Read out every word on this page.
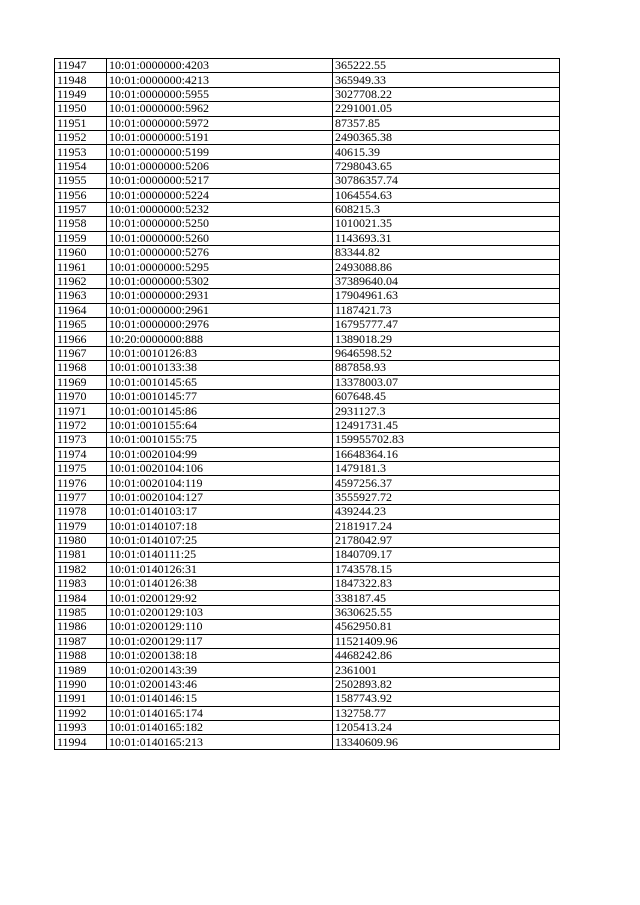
11947	10:01:0000000:4203	365222.55
11948	10:01:0000000:4213	365949.33
11949	10:01:0000000:5955	3027708.22
11950	10:01:0000000:5962	2291001.05
11951	10:01:0000000:5972	87357.85
11952	10:01:0000000:5191	2490365.38
11953	10:01:0000000:5199	40615.39
11954	10:01:0000000:5206	7298043.65
11955	10:01:0000000:5217	30786357.74
11956	10:01:0000000:5224	1064554.63
11957	10:01:0000000:5232	608215.3
11958	10:01:0000000:5250	1010021.35
11959	10:01:0000000:5260	1143693.31
11960	10:01:0000000:5276	83344.82
11961	10:01:0000000:5295	2493088.86
11962	10:01:0000000:5302	37389640.04
11963	10:01:0000000:2931	17904961.63
11964	10:01:0000000:2961	1187421.73
11965	10:01:0000000:2976	16795777.47
11966	10:20:0000000:888	1389018.29
11967	10:01:0010126:83	9646598.52
11968	10:01:0010133:38	887858.93
11969	10:01:0010145:65	13378003.07
11970	10:01:0010145:77	607648.45
11971	10:01:0010145:86	2931127.3
11972	10:01:0010155:64	12491731.45
11973	10:01:0010155:75	159955702.83
11974	10:01:0020104:99	16648364.16
11975	10:01:0020104:106	1479181.3
11976	10:01:0020104:119	4597256.37
11977	10:01:0020104:127	3555927.72
11978	10:01:0140103:17	439244.23
11979	10:01:0140107:18	2181917.24
11980	10:01:0140107:25	2178042.97
11981	10:01:0140111:25	1840709.17
11982	10:01:0140126:31	1743578.15
11983	10:01:0140126:38	1847322.83
11984	10:01:0200129:92	338187.45
11985	10:01:0200129:103	3630625.55
11986	10:01:0200129:110	4562950.81
11987	10:01:0200129:117	11521409.96
11988	10:01:0200138:18	4468242.86
11989	10:01:0200143:39	2361001
11990	10:01:0200143:46	2502893.82
11991	10:01:0140146:15	1587743.92
11992	10:01:0140165:174	132758.77
11993	10:01:0140165:182	1205413.24
11994	10:01:0140165:213	13340609.96
